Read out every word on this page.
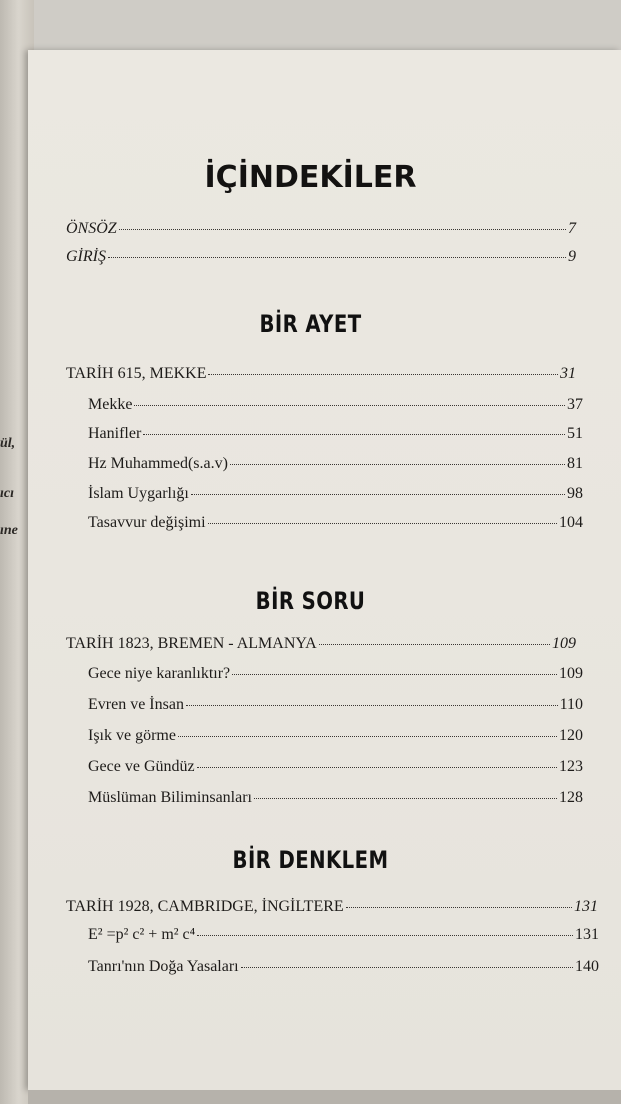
ül,
ıcı
ıne
İÇİNDEKİLER
ÖNSÖZ	7
GİRİŞ	9
BİR AYET
TARİH 615, MEKKE	31
Mekke	37
Hanifler	51
Hz Muhammed(s.a.v)	81
İslam Uygarlığı	98
Tasavvur değişimi	104
BİR SORU
TARİH 1823, BREMEN - ALMANYA	109
Gece niye karanlıktır?	109
Evren ve İnsan	110
Işık ve görme	120
Gece ve Gündüz	123
Müslüman Biliminsanları	128
BİR DENKLEM
TARİH 1928, CAMBRIDGE, İNGİLTERE	131
E² =p² c² + m² c⁴	131
Tanrı'nın Doğa Yasaları	140
